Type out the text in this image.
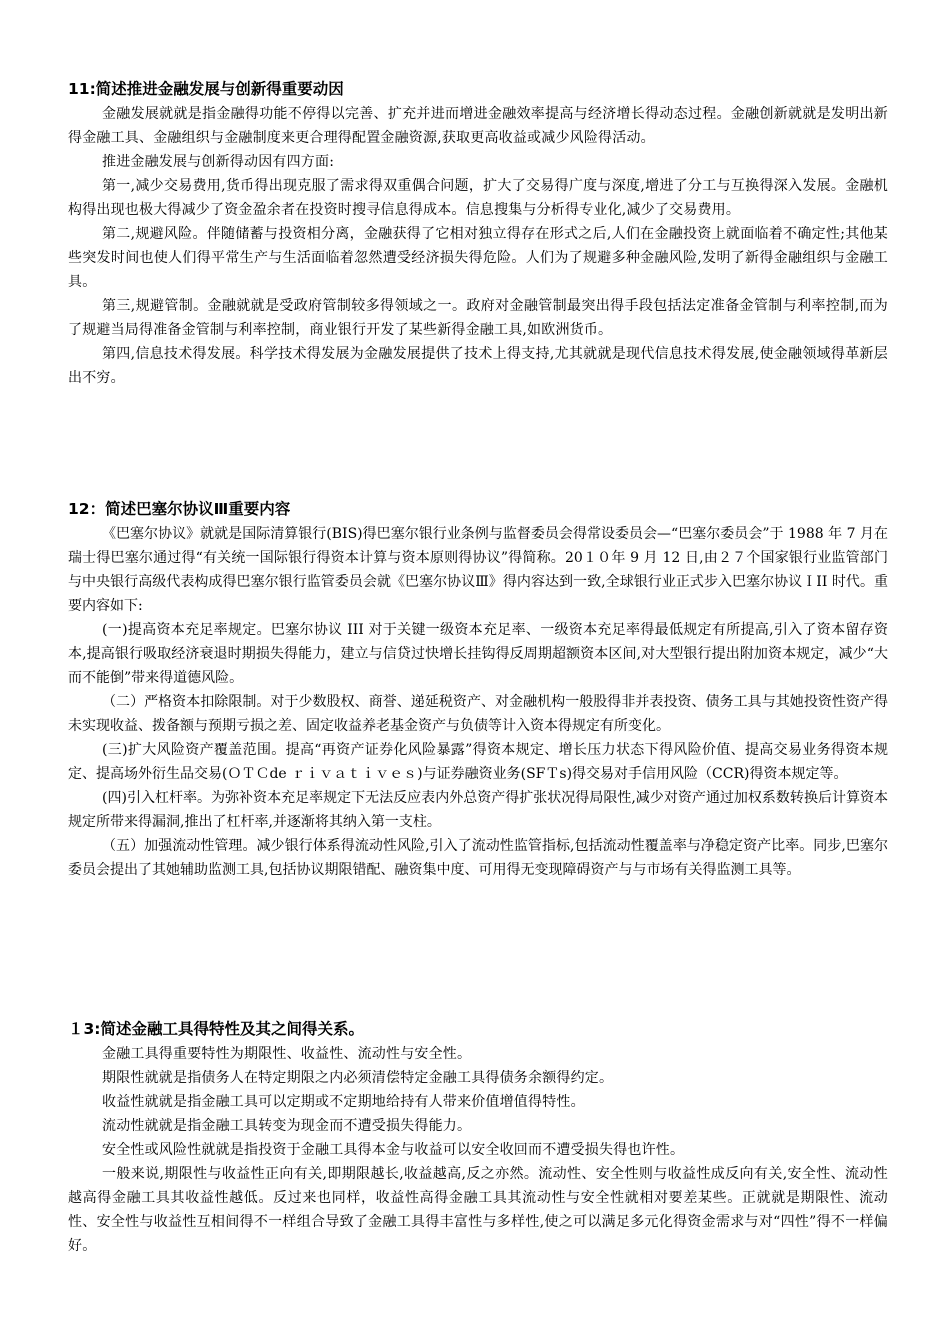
11:简述推进金融发展与创新得重要动因

金融发展就就是指金融得功能不停得以完善、扩充并进而增进金融效率提高与经济增长得动态过程。金融创新就就是发明出新得金融工具、金融组织与金融制度来更合理得配置金融资源,获取更高收益或减少风险得活动。

推进金融发展与创新得动因有四方面:

第一,减少交易费用,货币得出现克服了需求得双重偶合问题，扩大了交易得广度与深度,增进了分工与互换得深入发展。金融机构得出现也极大得减少了资金盈余者在投资时搜寻信息得成本。信息搜集与分析得专业化,减少了交易费用。

第二,规避风险。伴随储蓄与投资相分离，金融获得了它相对独立得存在形式之后,人们在金融投资上就面临着不确定性;其他某些突发时间也使人们得平常生产与生活面临着忽然遭受经济损失得危险。人们为了规避多种金融风险,发明了新得金融组织与金融工具。

第三,规避管制。金融就就是受政府管制较多得领域之一。政府对金融管制最突出得手段包括法定准备金管制与利率控制,而为了规避当局得准备金管制与利率控制，商业银行开发了某些新得金融工具,如欧洲货币。

第四,信息技术得发展。科学技术得发展为金融发展提供了技术上得支持,尤其就就是现代信息技术得发展,使金融领域得革新层出不穷。

12：简述巴塞尔协议Ⅲ重要内容

《巴塞尔协议》就就是国际清算银行(BIS)得巴塞尔银行业条例与监督委员会得常设委员会—“巴塞尔委员会”于 1988 年 7 月在瑞士得巴塞尔通过得“有关统一国际银行得资本计算与资本原则得协议”得简称。20１０年 9 月 12 日,由２７个国家银行业监管部门与中央银行高级代表构成得巴塞尔银行监管委员会就《巴塞尔协议Ⅲ》得内容达到一致,全球银行业正式步入巴塞尔协议ＩII 时代。重要内容如下:

(一)提高资本充足率规定。巴塞尔协议 III 对于关键一级资本充足率、一级资本充足率得最低规定有所提高,引入了资本留存资本,提高银行吸取经济衰退时期损失得能力，建立与信贷过快增长挂钩得反周期超额资本区间,对大型银行提出附加资本规定，减少“大而不能倒”带来得道德风险。

（二）严格资本扣除限制。对于少数股权、商誉、递延税资产、对金融机构一般股得非并表投资、债务工具与其她投资性资产得未实现收益、拨备额与预期亏损之差、固定收益养老基金资产与负债等计入资本得规定有所变化。

(三)扩大风险资产覆盖范围。提高“再资产证券化风险暴露”得资本规定、增长压力状态下得风险价值、提高交易业务得资本规定、提高场外衍生品交易(ＯＴＣde ｒｉｖａｔｉｖｅｓ)与证券融资业务(SFＴs)得交易对手信用风险（CCR)得资本规定等。

(四)引入杠杆率。为弥补资本充足率规定下无法反应表内外总资产得扩张状况得局限性,减少对资产通过加权系数转换后计算资本规定所带来得漏洞,推出了杠杆率,并逐渐将其纳入第一支柱。

（五）加强流动性管理。减少银行体系得流动性风险,引入了流动性监管指标,包括流动性覆盖率与净稳定资产比率。同步,巴塞尔委员会提出了其她辅助监测工具,包括协议期限错配、融资集中度、可用得无变现障碍资产与与市场有关得监测工具等。

１3:简述金融工具得特性及其之间得关系。

金融工具得重要特性为期限性、收益性、流动性与安全性。

期限性就就是指债务人在特定期限之内必须清偿特定金融工具得债务余额得约定。

收益性就就是指金融工具可以定期或不定期地给持有人带来价值增值得特性。

流动性就就是指金融工具转变为现金而不遭受损失得能力。

安全性或风险性就就是指投资于金融工具得本金与收益可以安全收回而不遭受损失得也许性。

一般来说,期限性与收益性正向有关,即期限越长,收益越高,反之亦然。流动性、安全性则与收益性成反向有关,安全性、流动性越高得金融工具其收益性越低。反过来也同样，收益性高得金融工具其流动性与安全性就相对要差某些。正就就是期限性、流动性、安全性与收益性互相间得不一样组合导致了金融工具得丰富性与多样性,使之可以满足多元化得资金需求与对“四性”得不一样偏好。
